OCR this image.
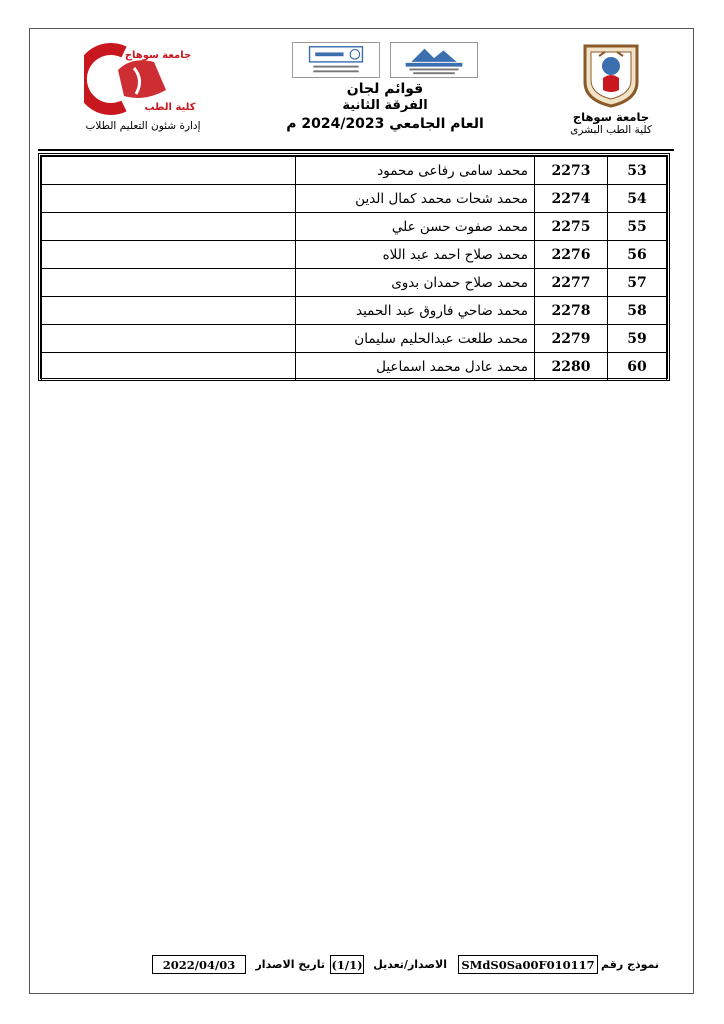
جامعة سوهاج
كلية الطب البشرى
قوائم لجان
الفرقة الثانية
العام الجامعي 2024/2023 م
جامعة سوهاج
كلية الطب
إدارة شئون التعليم الطلاب
53	2273	محمد سامى رفاعى محمود	
54	2274	محمد شحات محمد كمال الدين	
55	2275	محمد صفوت حسن علي	
56	2276	محمد صلاح احمد عبد اللاه	
57	2277	محمد صلاح حمدان بدوى	
58	2278	محمد ضاحي فاروق عبد الحميد	
59	2279	محمد طلعت عبدالحليم سليمان	
60	2280	محمد عادل محمد اسماعيل	
نموذج رقم
SMdS0Sa00F010117
الاصدار/تعديل
(1/1)
تاريخ الاصدار
2022/04/03
